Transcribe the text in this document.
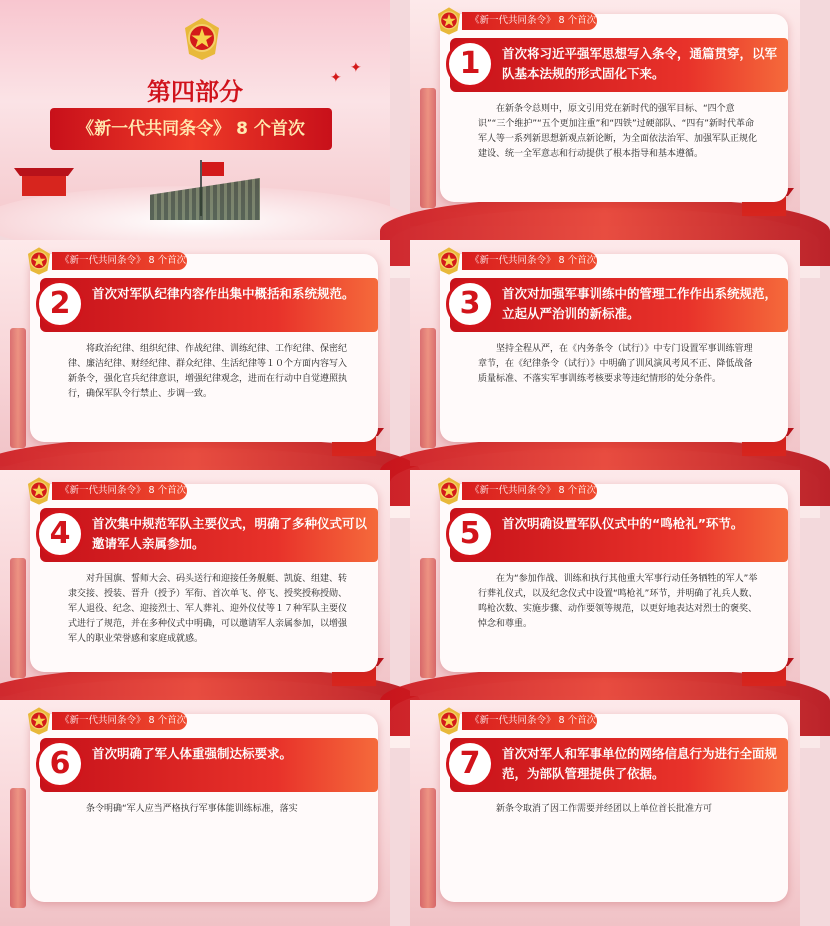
第四部分
《新一代共同条令》 8 个首次
✦
✦
《新一代共同条令》 8 个首次
1	首次将习近平强军思想写入条令，通篇贯穿，以军队基本法规的形式固化下来。
在新条令总则中，原文引用党在新时代的强军目标、“四个意识”“三个维护”“五个更加注重”和“四铁”过硬部队、“四有”新时代革命军人等一系列新思想新观点新论断，为全面依法治军、加强军队正规化建设、统一全军意志和行动提供了根本指导和基本遵循。
《新一代共同条令》 8 个首次
2	首次对军队纪律内容作出集中概括和系统规范。
将政治纪律、组织纪律、作战纪律、训练纪律、工作纪律、保密纪律、廉洁纪律、财经纪律、群众纪律、生活纪律等１０个方面内容写入新条令，强化官兵纪律意识，增强纪律观念，进而在行动中自觉遵照执行，确保军队令行禁止、步调一致。
《新一代共同条令》 8 个首次
3	首次对加强军事训练中的管理工作作出系统规范，立起从严治训的新标准。
坚持全程从严，在《内务条令（试行）》中专门设置军事训练管理章节，在《纪律条令（试行）》中明确了训风演风考风不正、降低战备质量标准、不落实军事训练考核要求等违纪情形的处分条件。
《新一代共同条令》 8 个首次
4	首次集中规范军队主要仪式，明确了多种仪式可以邀请军人亲属参加。
对升国旗、誓师大会、码头送行和迎接任务舰艇、凯旋、组建、转隶交接、授装、晋升（授予）军衔、首次单飞、停飞、授奖授称授勋、军人退役、纪念、迎接烈士、军人葬礼、迎外仪仗等１７种军队主要仪式进行了规范，并在多种仪式中明确，可以邀请军人亲属参加，以增强军人的职业荣誉感和家庭成就感。
《新一代共同条令》 8 个首次
5	首次明确设置军队仪式中的“鸣枪礼”环节。
在为“参加作战、训练和执行其他重大军事行动任务牺牲的军人”举行葬礼仪式，以及纪念仪式中设置“鸣枪礼”环节，并明确了礼兵人数、鸣枪次数、实施步骤、动作要领等规范，以更好地表达对烈士的褒奖、悼念和尊重。
《新一代共同条令》 8 个首次
6	首次明确了军人体重强制达标要求。
条令明确“军人应当严格执行军事体能训练标准，落实
《新一代共同条令》 8 个首次
7	首次对军人和军事单位的网络信息行为进行全面规范，为部队管理提供了依据。
新条令取消了因工作需要并经团以上单位首长批准方可
